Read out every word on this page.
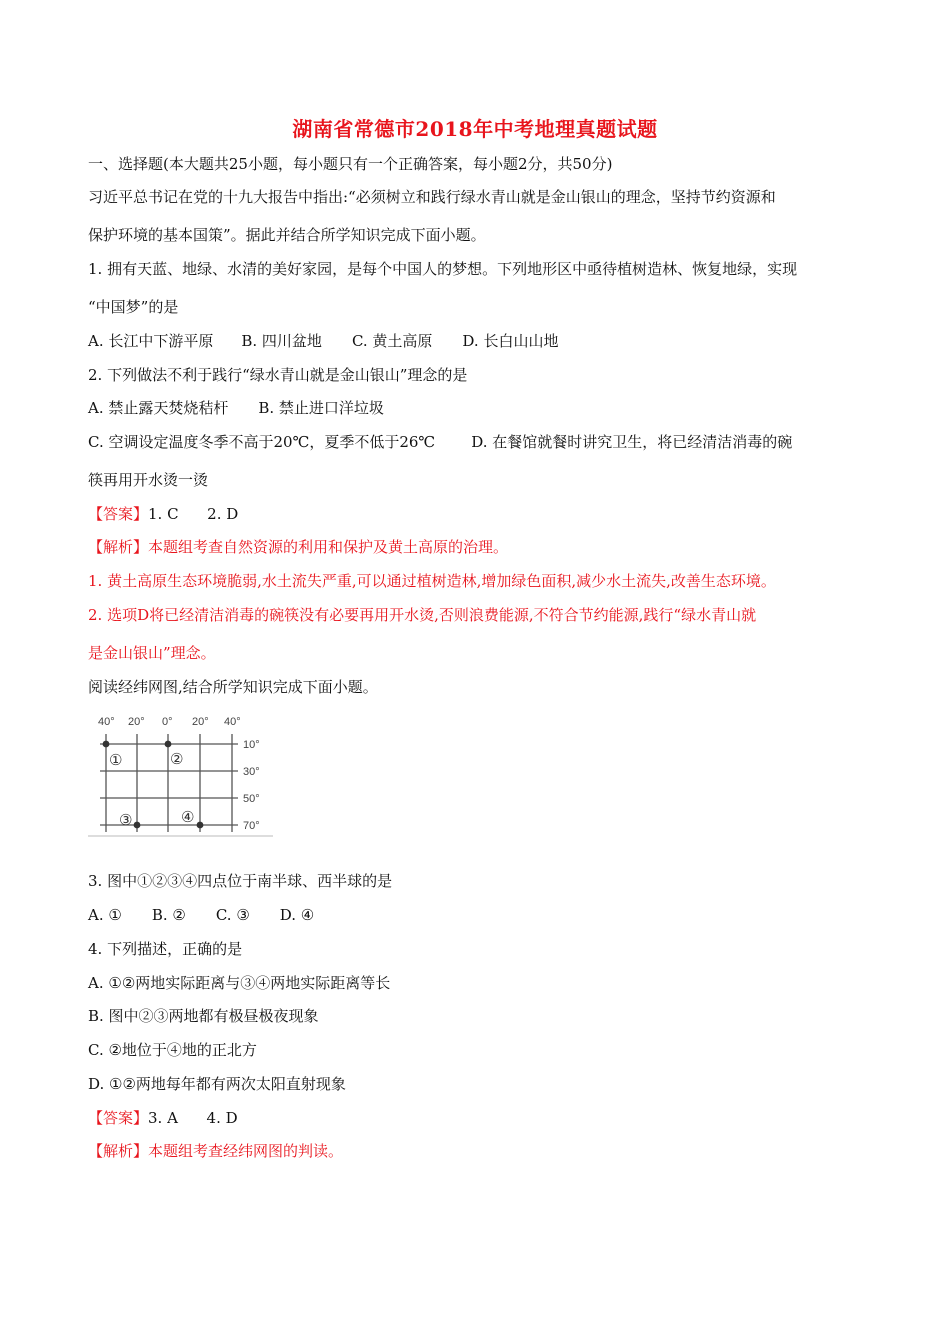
湖南省常德市2018年中考地理真题试题
一、选择题(本大题共25小题，每小题只有一个正确答案，每小题2分，共50分)
习近平总书记在党的十九大报告中指出:“必须树立和践行绿水青山就是金山银山的理念，坚持节约资源和
保护环境的基本国策”。据此并结合所学知识完成下面小题。
1. 拥有天蓝、地绿、水清的美好家园，是每个中国人的梦想。下列地形区中亟待植树造林、恢复地绿，实现
“中国梦”的是
A. 长江中下游平原 B. 四川盆地 C. 黄土高原 D. 长白山山地
2. 下列做法不利于践行“绿水青山就是金山银山”理念的是
A. 禁止露天焚烧秸杆 B. 禁止进口洋垃圾
C. 空调设定温度冬季不高于20℃，夏季不低于26℃ D. 在餐馆就餐时讲究卫生，将已经清洁消毒的碗
筷再用开水烫一烫
【答案】1. C      2. D
【解析】本题组考查自然资源的利用和保护及黄土高原的治理。
1. 黄土高原生态环境脆弱,水土流失严重,可以通过植树造林,增加绿色面积,减少水土流失,改善生态环境。
2. 选项D将已经清洁消毒的碗筷没有必要再用开水烫,否则浪费能源,不符合节约能源,践行“绿水青山就
是金山银山”理念。
阅读经纬网图,结合所学知识完成下面小题。
40° 20° 0° 20° 40°
10°
30°
50°
70°
①	②
③	④
3. 图中①②③④四点位于南半球、西半球的是
A. ① B. ② C. ③ D. ④
4. 下列描述，正确的是
A. ①②两地实际距离与③④两地实际距离等长
B. 图中②③两地都有极昼极夜现象
C. ②地位于④地的正北方
D. ①②两地每年都有两次太阳直射现象
【答案】3. A      4. D
【解析】本题组考查经纬网图的判读。
